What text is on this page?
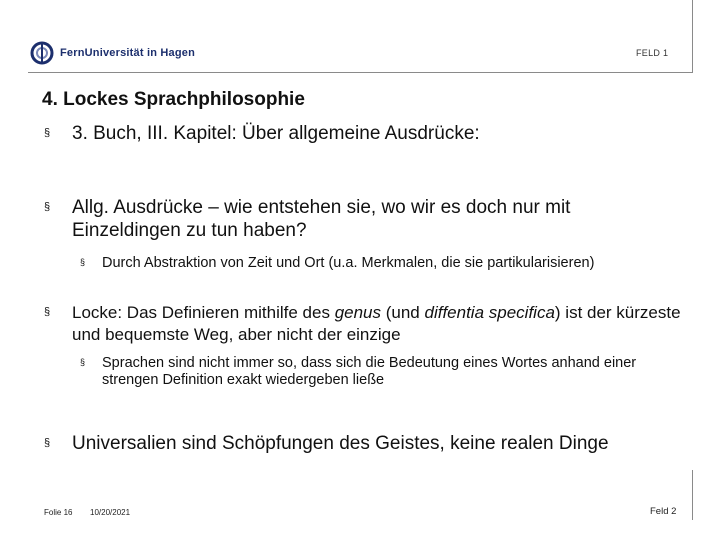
FernUniversität in Hagen	FELD 1
4. Lockes Sprachphilosophie
§	3. Buch, III. Kapitel: Über allgemeine Ausdrücke:
§	Allg. Ausdrücke – wie entstehen sie, wo wir es doch nur mit Einzeldingen zu tun haben?
§	Durch Abstraktion von Zeit und Ort (u.a. Merkmalen, die sie partikularisieren)
§	Locke: Das Definieren mithilfe des genus (und diffentia specifica) ist der kürzeste und bequemste Weg, aber nicht der einzige
§	Sprachen sind nicht immer so, dass sich die Bedeutung eines Wortes anhand einer strengen Definition exakt wiedergeben ließe
§	Universalien sind Schöpfungen des Geistes, keine realen Dinge
Folie 16 10/20/2021	Feld 2
